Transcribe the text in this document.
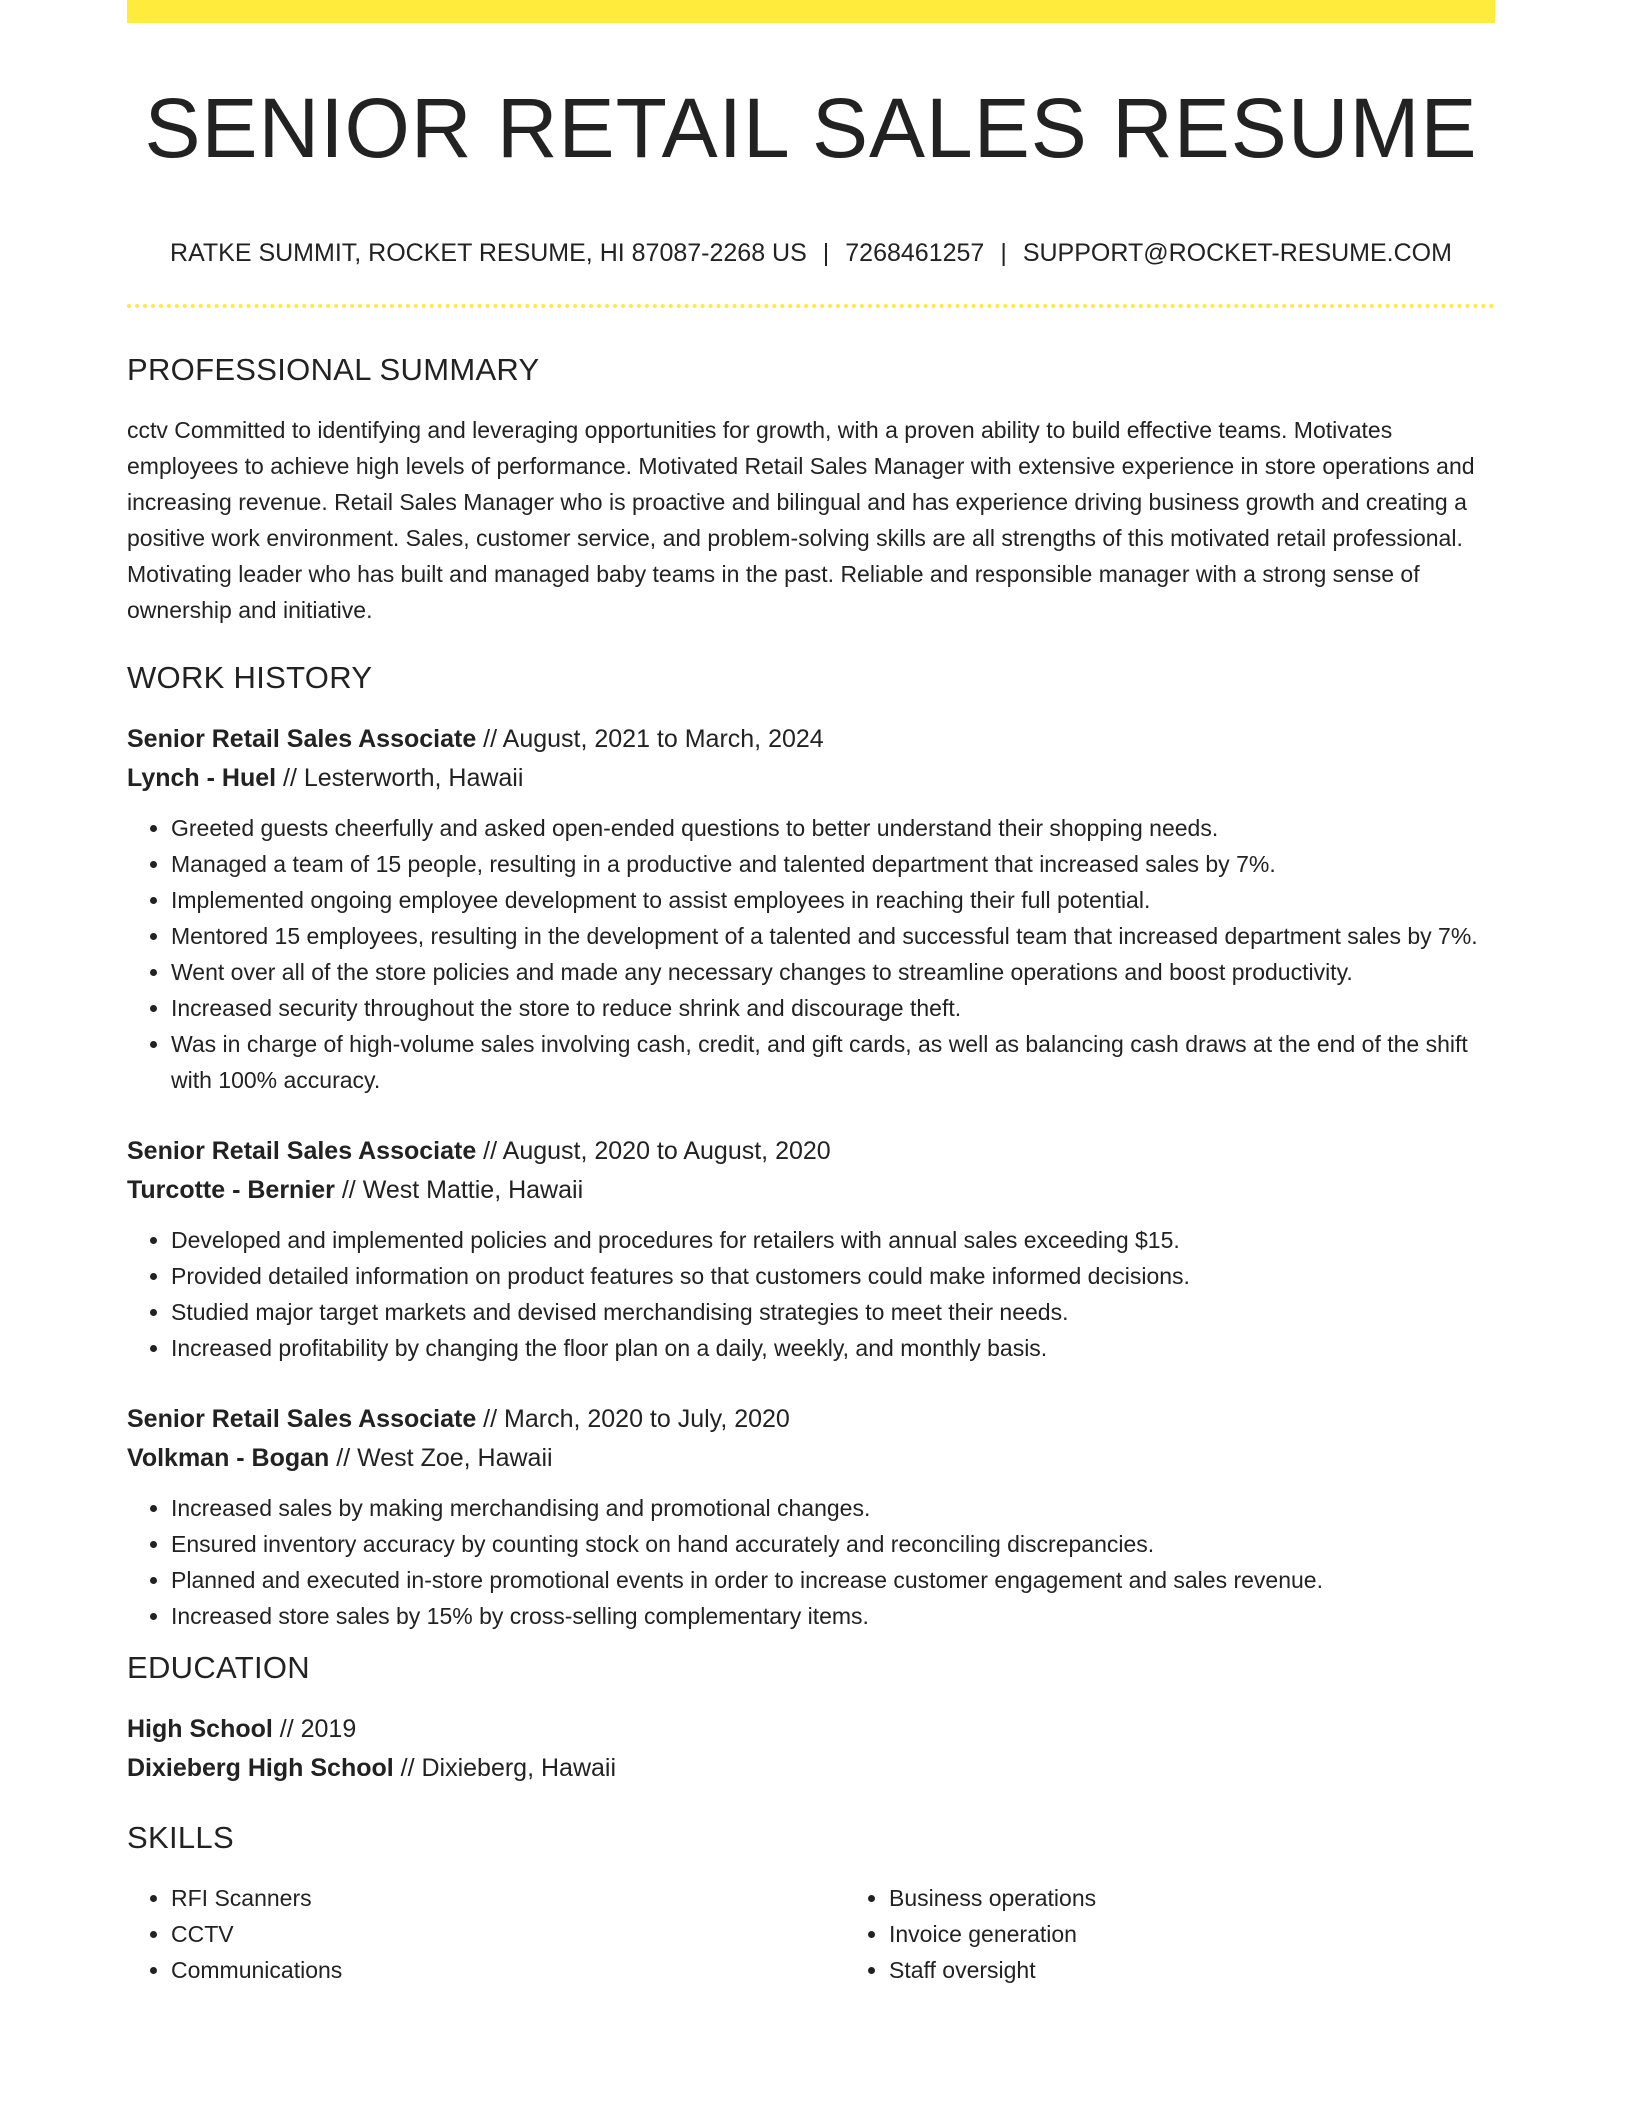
SENIOR RETAIL SALES RESUME
RATKE SUMMIT, ROCKET RESUME, HI 87087-2268 US | 7268461257 | SUPPORT@ROCKET-RESUME.COM
PROFESSIONAL SUMMARY

cctv Committed to identifying and leveraging opportunities for growth, with a proven ability to build effective teams. Motivates employees to achieve high levels of performance. Motivated Retail Sales Manager with extensive experience in store operations and increasing revenue. Retail Sales Manager who is proactive and bilingual and has experience driving business growth and creating a positive work environment. Sales, customer service, and problem-solving skills are all strengths of this motivated retail professional. Motivating leader who has built and managed baby teams in the past. Reliable and responsible manager with a strong sense of ownership and initiative.

WORK HISTORY

Senior Retail Sales Associate // August, 2021 to March, 2024

Lynch - Huel // Lesterworth, Hawaii

• Greeted guests cheerfully and asked open-ended questions to better understand their shopping needs.
• Managed a team of 15 people, resulting in a productive and talented department that increased sales by 7%.
• Implemented ongoing employee development to assist employees in reaching their full potential.
• Mentored 15 employees, resulting in the development of a talented and successful team that increased department sales by 7%.
• Went over all of the store policies and made any necessary changes to streamline operations and boost productivity.
• Increased security throughout the store to reduce shrink and discourage theft.
• Was in charge of high-volume sales involving cash, credit, and gift cards, as well as balancing cash draws at the end of the shift with 100% accuracy.

Senior Retail Sales Associate // August, 2020 to August, 2020

Turcotte - Bernier // West Mattie, Hawaii

• Developed and implemented policies and procedures for retailers with annual sales exceeding $15.
• Provided detailed information on product features so that customers could make informed decisions.
• Studied major target markets and devised merchandising strategies to meet their needs.
• Increased profitability by changing the floor plan on a daily, weekly, and monthly basis.

Senior Retail Sales Associate // March, 2020 to July, 2020

Volkman - Bogan // West Zoe, Hawaii

• Increased sales by making merchandising and promotional changes.
• Ensured inventory accuracy by counting stock on hand accurately and reconciling discrepancies.
• Planned and executed in-store promotional events in order to increase customer engagement and sales revenue.
• Increased store sales by 15% by cross-selling complementary items.
EDUCATION

High School // 2019

Dixieberg High School // Dixieberg, Hawaii

SKILLS
• RFI Scanners
• CCTV
• Communications
• Business operations
• Invoice generation
• Staff oversight
